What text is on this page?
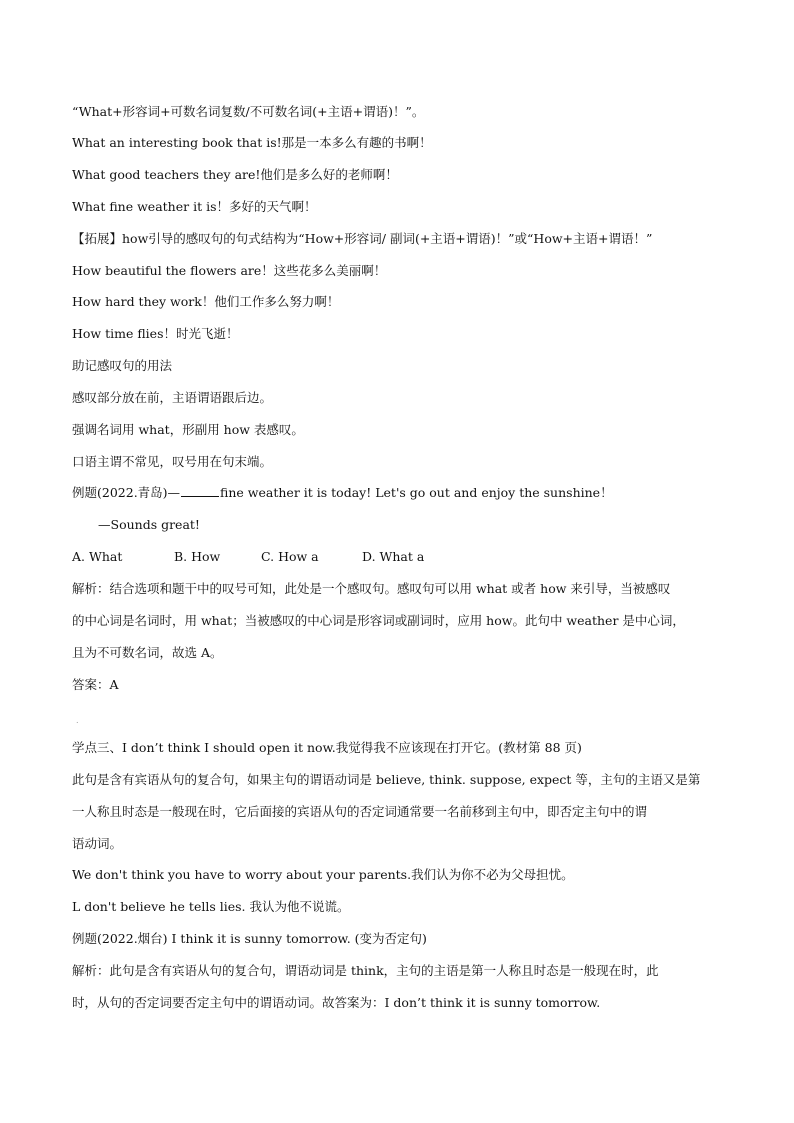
“What+形容词+可数名词复数/不可数名词(+主语+谓语)！”。
What an interesting book that is!那是一本多么有趣的书啊！
What good teachers they are!他们是多么好的老师啊！
What fine weather it is！多好的天气啊！
【拓展】how引导的感叹句的句式结构为“How+形容词/ 副词(+主语+谓语)！”或“How+主语+谓语！”
How beautiful the flowers are！这些花多么美丽啊！
How hard they work！他们工作多么努力啊！
How time flies！时光飞逝！
助记感叹句的用法
感叹部分放在前，主语谓语跟后边。
强调名词用 what，形副用 how 表感叹。
口语主谓不常见，叹号用在句末端。
例题(2022.青岛)—	fine weather it is today! Let's go out and enjoy the sunshine！
—Sounds great!
A. What	B. How	C. How a	D. What a
解析：结合选项和题干中的叹号可知，此处是一个感叹句。感叹句可以用 what 或者 how 来引导，当被感叹
的中心词是名词时，用 what；当被感叹的中心词是形容词或副词时，应用 how。此句中 weather 是中心词，
且为不可数名词，故选 A。
答案：A
.
学点三、I don’t think I should open it now.我觉得我不应该现在打开它。(教材第 88 页)
此句是含有宾语从句的复合句，如果主句的谓语动词是 believe, think. suppose, expect 等，主句的主语又是第
一人称且时态是一般现在时，它后面接的宾语从句的否定词通常要一名前移到主句中，即否定主句中的谓
语动词。
We don't think you have to worry about your parents.我们认为你不必为父母担忧。
L don't believe he tells lies. 我认为他不说谎。
例题(2022.烟台) I think it is sunny tomorrow. (变为否定句)
解析：此句是含有宾语从句的复合句，谓语动词是 think，主句的主语是第一人称且时态是一般现在时，此
时，从句的否定词要否定主句中的谓语动词。故答案为：I don’t think it is sunny tomorrow.
